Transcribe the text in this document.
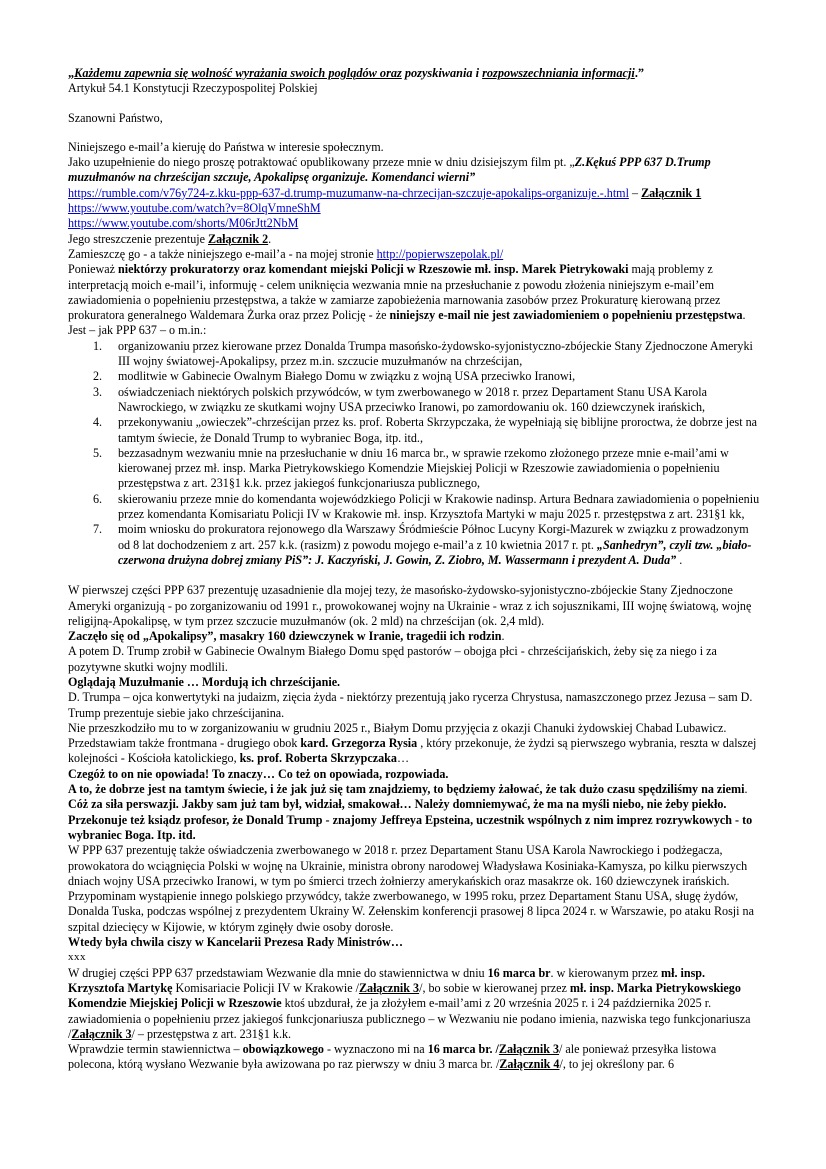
„Każdemu zapewnia się wolność wyrażania swoich poglądów oraz pozyskiwania i rozpowszechniania informacji.”

Artykuł 54.1 Konstytucji Rzeczypospolitej Polskiej

Szanowni Państwo,

Niniejszego e-mail’a kieruję do Państwa w interesie społecznym.

Jako uzupełnienie do niego proszę potraktować opublikowany przeze mnie w dniu dzisiejszym film pt. „Z.Kękuś PPP 637 D.Trump muzułmanów na chrześcijan szczuje, Apokalipsę organizuje. Komendanci wierni”

https://rumble.com/v76y724-z.kku-ppp-637-d.trump-muzumanw-na-chrzecijan-szczuje-apokalips-organizuje.-.html – Załącznik 1

https://www.youtube.com/watch?v=8OlqVmneShM

https://www.youtube.com/shorts/M06rJtt2NbM

Jego streszczenie prezentuje Załącznik 2.

Zamieszczę go - a także niniejszego e-mail’a - na mojej stronie http://popierwszepolak.pl/

Ponieważ niektórzy prokuratorzy oraz komendant miejski Policji w Rzeszowie mł. insp. Marek Pietrykowaki mają problemy z interpretacją moich e-mail’i, informuję - celem uniknięcia wezwania mnie na przesłuchanie z powodu złożenia niniejszym e-mail’em zawiadomienia o popełnieniu przestępstwa, a także w zamiarze zapobieżenia marnowania zasobów przez Prokuraturę kierowaną przez prokuratora generalnego Waldemara Żurka oraz przez Policję - że niniejszy e-mail nie jest zawiadomieniem o popełnieniu przestępstwa.

Jest – jak PPP 637 – o m.in.:

organizowaniu przez kierowane przez Donalda Trumpa masońsko-żydowsko-syjonistyczno-zbójeckie Stany Zjednoczone Ameryki III wojny światowej-Apokalipsy, przez m.in. szczucie muzułmanów na chrześcijan,
modlitwie w Gabinecie Owalnym Białego Domu w związku z wojną USA przeciwko Iranowi,
oświadczeniach niektórych polskich przywódców, w tym zwerbowanego w 2018 r. przez Departament Stanu USA Karola Nawrockiego, w związku ze skutkami wojny USA przeciwko Iranowi, po zamordowaniu ok. 160 dziewczynek irańskich,
przekonywaniu „owieczek”-chrześcijan przez ks. prof. Roberta Skrzypczaka, że wypełniają się biblijne proroctwa, że dobrze jest na tamtym świecie, że Donald Trump to wybraniec Boga, itp. itd.,
bezzasadnym wezwaniu mnie na przesłuchanie w dniu 16 marca br., w sprawie rzekomo złożonego przeze mnie e-mail’ami w kierowanej przez mł. insp. Marka Pietrykowskiego Komendzie Miejskiej Policji w Rzeszowie zawiadomienia o popełnieniu przestępstwa z art. 231§1 k.k. przez jakiegoś funkcjonariusza publicznego,
skierowaniu przeze mnie do komendanta wojewódzkiego Policji w Krakowie nadinsp. Artura Bednara zawiadomienia o popełnieniu przez komendanta Komisariatu Policji IV w Krakowie mł. insp. Krzysztofa Martyki w maju 2025 r. przestępstwa z art. 231§1 kk,
moim wniosku do prokuratora rejonowego dla Warszawy Śródmieście Północ Lucyny Korgi-Mazurek w związku z prowadzonym od 8 lat dochodzeniem z art. 257 k.k. (rasizm) z powodu mojego e-mail’a z 10 kwietnia 2017 r. pt. „Sanhedryn”, czyli tzw. „biało-czerwona drużyna dobrej zmiany PiS”: J. Kaczyński, J. Gowin, Z. Ziobro, M. Wassermann i prezydent A. Duda” .

W pierwszej części PPP 637 prezentuję uzasadnienie dla mojej tezy, że masońsko-żydowsko-syjonistyczno-zbójeckie Stany Zjednoczone Ameryki organizują - po zorganizowaniu od 1991 r., prowokowanej wojny na Ukrainie - wraz z ich sojusznikami, III wojnę światową, wojnę religijną-Apokalipsę, w tym przez szczucie muzułmanów (ok. 2 mld) na chrześcijan (ok. 2,4 mld).

Zaczęło się od „Apokalipsy”, masakry 160 dziewczynek w Iranie, tragedii ich rodzin.

A potem D. Trump zrobił w Gabinecie Owalnym Białego Domu spęd pastorów – obojga płci - chrześcijańskich, żeby się za niego i za pozytywne skutki wojny modlili.

Oglądają Muzułmanie … Mordują ich chrześcijanie.

D. Trumpa – ojca konwertytyki na judaizm, zięcia żyda - niektórzy prezentują jako rycerza Chrystusa, namaszczonego przez Jezusa – sam D. Trump prezentuje siebie jako chrześcijanina.

Nie przeszkodziło mu to w zorganizowaniu w grudniu 2025 r., Białym Domu przyjęcia z okazji Chanuki żydowskiej Chabad Lubawicz.

Przedstawiam także frontmana - drugiego obok kard. Grzegorza Rysia , który przekonuje, że żydzi są pierwszego wybrania, reszta w dalszej kolejności - Kościoła katolickiego, ks. prof. Roberta Skrzypczaka…

Czegóż to on nie opowiada! To znaczy… Co też on opowiada, rozpowiada.

A to, że dobrze jest na tamtym świecie, i że jak już się tam znajdziemy, to będziemy żałować, że tak dużo czasu spędziliśmy na ziemi.

Cóż za siła perswazji. Jakby sam już tam był, widział, smakował… Należy domniemywać, że ma na myśli niebo, nie żeby piekło.

Przekonuje też ksiądz profesor, że Donald Trump - znajomy Jeffreya Epsteina, uczestnik wspólnych z nim imprez rozrywkowych - to wybraniec Boga. Itp. itd.

W PPP 637 prezentuję także oświadczenia zwerbowanego w 2018 r. przez Departament Stanu USA Karola Nawrockiego i podżegacza, prowokatora do wciągnięcia Polski w wojnę na Ukrainie, ministra obrony narodowej Władysława Kosiniaka-Kamysza, po kilku pierwszych dniach wojny USA przeciwko Iranowi, w tym po śmierci trzech żołnierzy amerykańskich oraz masakrze ok. 160 dziewczynek irańskich.

Przypominam wystąpienie innego polskiego przywódcy, także zwerbowanego, w 1995 roku, przez Departament Stanu USA, sługę żydów, Donalda Tuska, podczas wspólnej z prezydentem Ukrainy W. Zełenskim konferencji prasowej 8 lipca 2024 r. w Warszawie, po ataku Rosji na szpital dziecięcy w Kijowie, w którym zginęły dwie osoby dorosłe.

Wtedy była chwila ciszy w Kancelarii Prezesa Rady Ministrów…

xxx

W drugiej części PPP 637 przedstawiam Wezwanie dla mnie do stawiennictwa w dniu 16 marca br. w kierowanym przez mł. insp. Krzysztofa Martykę Komisariacie Policji IV w Krakowie /Załącznik 3/, bo sobie w kierowanej przez mł. insp. Marka Pietrykowskiego Komendzie Miejskiej Policji w Rzeszowie ktoś ubzdurał, że ja złożyłem e-mail’ami z 20 września 2025 r. i 24 października 2025 r. zawiadomienia o popełnieniu przez jakiegoś funkcjonariusza publicznego – w Wezwaniu nie podano imienia, nazwiska tego funkcjonariusza /Załącznik 3/ – przestępstwa z art. 231§1 k.k.

Wprawdzie termin stawiennictwa – obowiązkowego - wyznaczono mi na 16 marca br. /Załącznik 3/ ale ponieważ przesyłka listowa polecona, którą wysłano Wezwanie była awizowana po raz pierwszy w dniu 3 marca br. /Załącznik 4/, to jej określony par. 6
